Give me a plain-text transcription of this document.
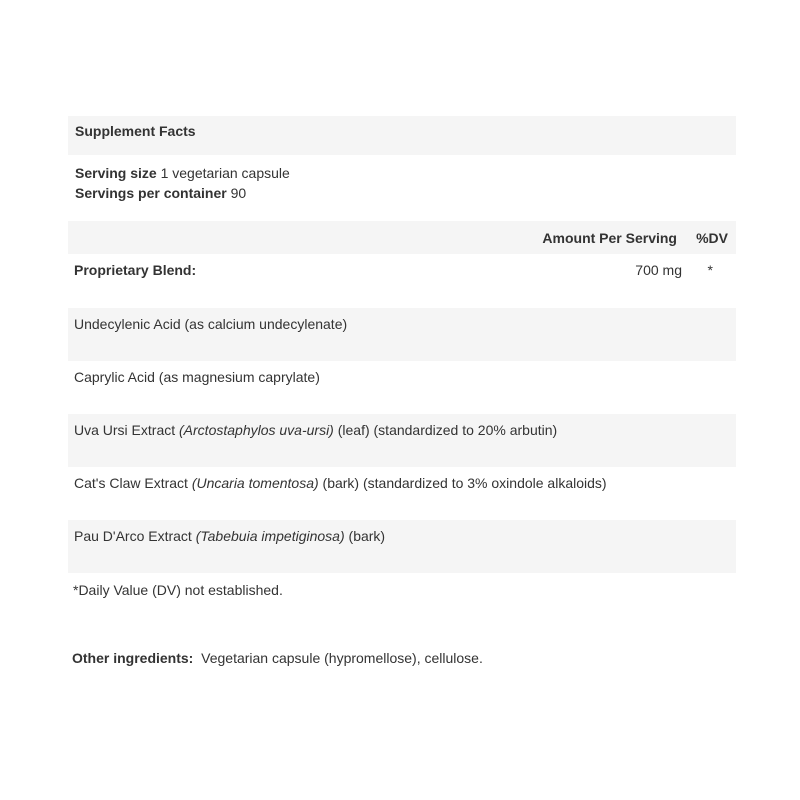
Supplement Facts
Serving size 1 vegetarian capsule
Servings per container 90
Amount Per Serving %DV
Proprietary Blend:	700 mg *
Undecylenic Acid (as calcium undecylenate)
Caprylic Acid (as magnesium caprylate)
Uva Ursi Extract (Arctostaphylos uva-ursi) (leaf) (standardized to 20% arbutin)
Cat's Claw Extract (Uncaria tomentosa) (bark) (standardized to 3% oxindole alkaloids)
Pau D'Arco Extract (Tabebuia impetiginosa) (bark)
*Daily Value (DV) not established.
Other ingredients: Vegetarian capsule (hypromellose), cellulose.
